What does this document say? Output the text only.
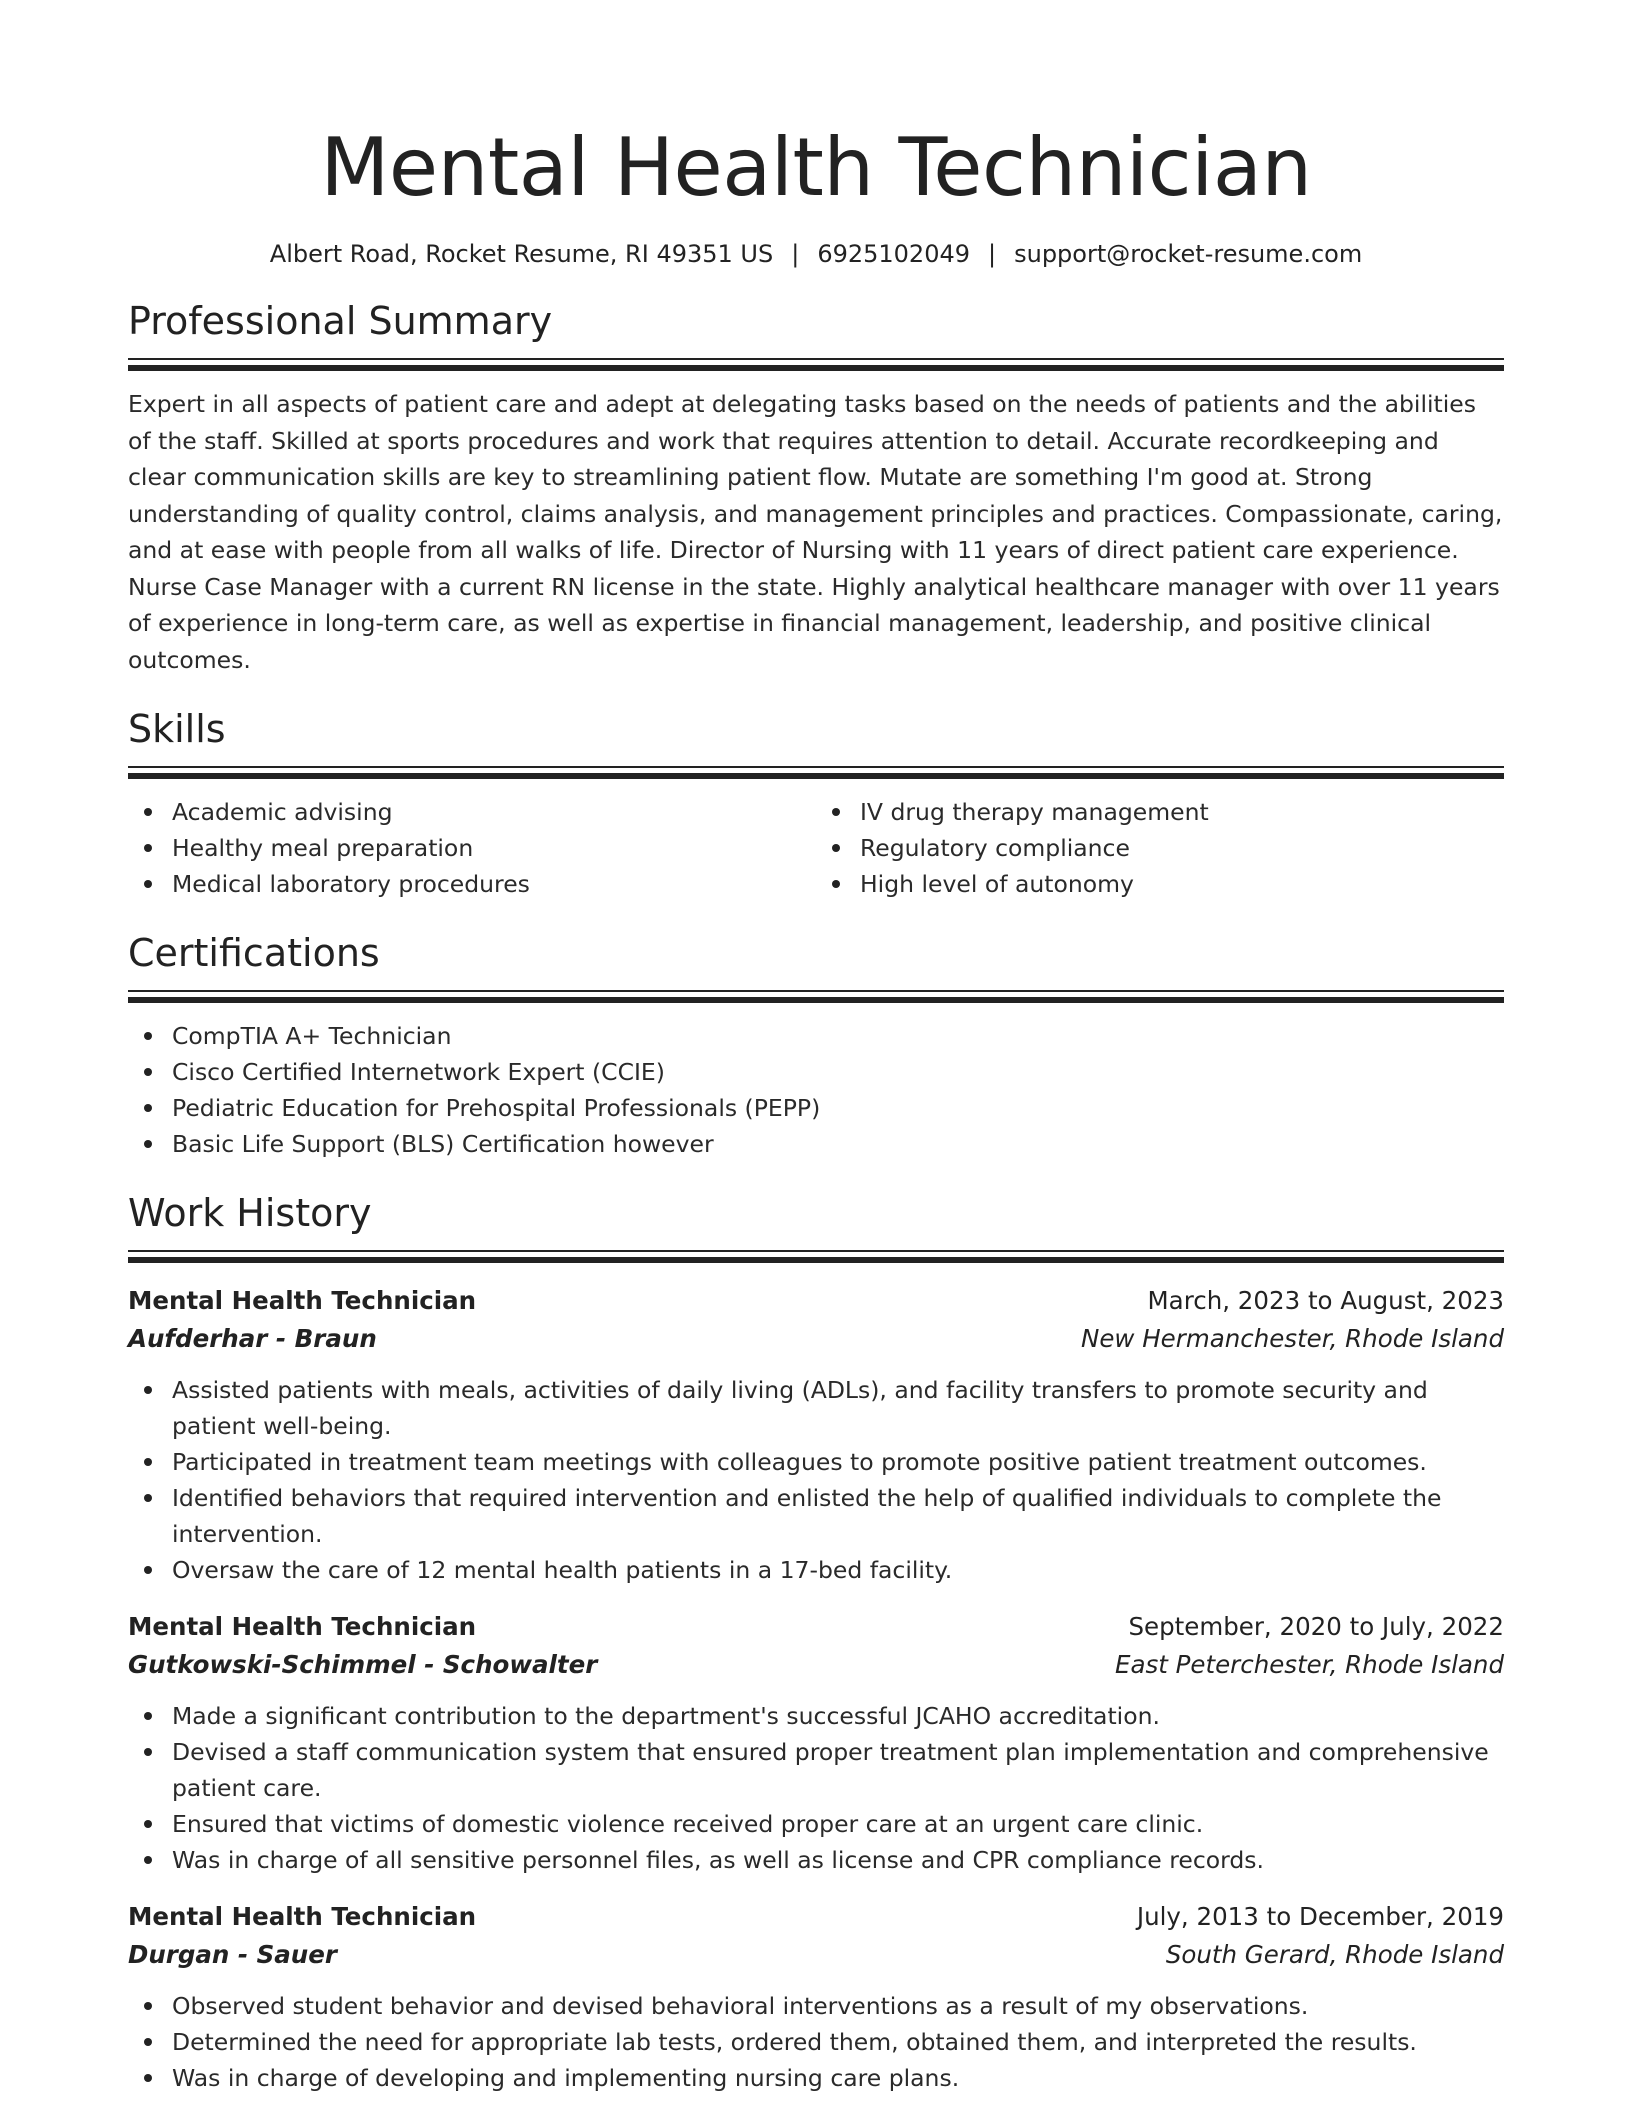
Mental Health Technician
Albert Road, Rocket Resume, RI 49351 US | 6925102049 | support@rocket-resume.com
Professional Summary

Expert in all aspects of patient care and adept at delegating tasks based on the needs of patients and the abilities of the staff. Skilled at sports procedures and work that requires attention to detail. Accurate recordkeeping and clear communication skills are key to streamlining patient flow. Mutate are something I'm good at. Strong understanding of quality control, claims analysis, and management principles and practices. Compassionate, caring, and at ease with people from all walks of life. Director of Nursing with 11 years of direct patient care experience. Nurse Case Manager with a current RN license in the state. Highly analytical healthcare manager with over 11 years of experience in long-term care, as well as expertise in financial management, leadership, and positive clinical outcomes.

Skills
Academic advising
Healthy meal preparation
Medical laboratory procedures
IV drug therapy management
Regulatory compliance
High level of autonomy
Certifications
CompTIA A+ Technician
Cisco Certified Internetwork Expert (CCIE)
Pediatric Education for Prehospital Professionals (PEPP)
Basic Life Support (BLS) Certification however
Work History
Mental Health Technician	March, 2023 to August, 2023
Aufderhar - Braun	New Hermanchester, Rhode Island
Assisted patients with meals, activities of daily living (ADLs), and facility transfers to promote security and patient well-being.
Participated in treatment team meetings with colleagues to promote positive patient treatment outcomes.
Identified behaviors that required intervention and enlisted the help of qualified individuals to complete the intervention.
Oversaw the care of 12 mental health patients in a 17-bed facility.
Mental Health Technician	September, 2020 to July, 2022
Gutkowski-Schimmel - Schowalter	East Peterchester, Rhode Island
Made a significant contribution to the department's successful JCAHO accreditation.
Devised a staff communication system that ensured proper treatment plan implementation and comprehensive patient care.
Ensured that victims of domestic violence received proper care at an urgent care clinic.
Was in charge of all sensitive personnel files, as well as license and CPR compliance records.
Mental Health Technician	July, 2013 to December, 2019
Durgan - Sauer	South Gerard, Rhode Island
Observed student behavior and devised behavioral interventions as a result of my observations.
Determined the need for appropriate lab tests, ordered them, obtained them, and interpreted the results.
Was in charge of developing and implementing nursing care plans.
